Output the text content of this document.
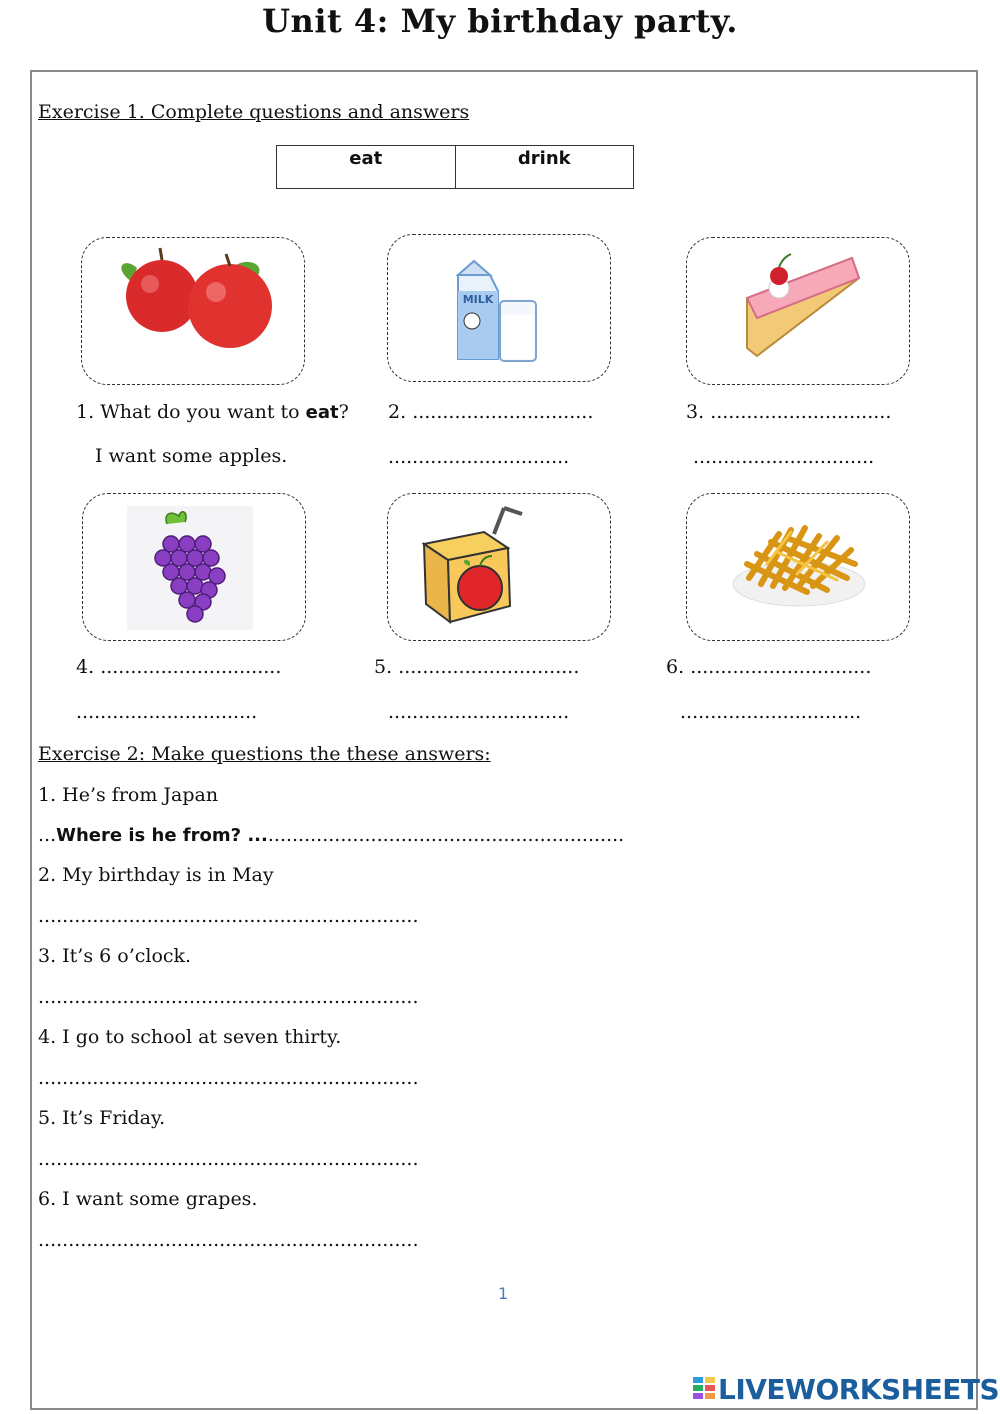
Unit 4: My birthday party.
Exercise 1. Complete questions and answers
eat	drink
MILK
1. What do you want to eat?
I want some apples.
2. ..............................
..............................
3. ..............................
..............................
4. ..............................
..............................
5. ..............................
..............................
6. ..............................
..............................
Exercise 2: Make questions the these answers:
1. He’s from Japan
...Where is he from? ..............................................................
2. My birthday is in May
...............................................................
3. It’s 6 o’clock.
...............................................................
4. I go to school at seven thirty.
...............................................................
5. It’s Friday.
...............................................................
6. I want some grapes.
...............................................................
1
LIVEWORKSHEETS
